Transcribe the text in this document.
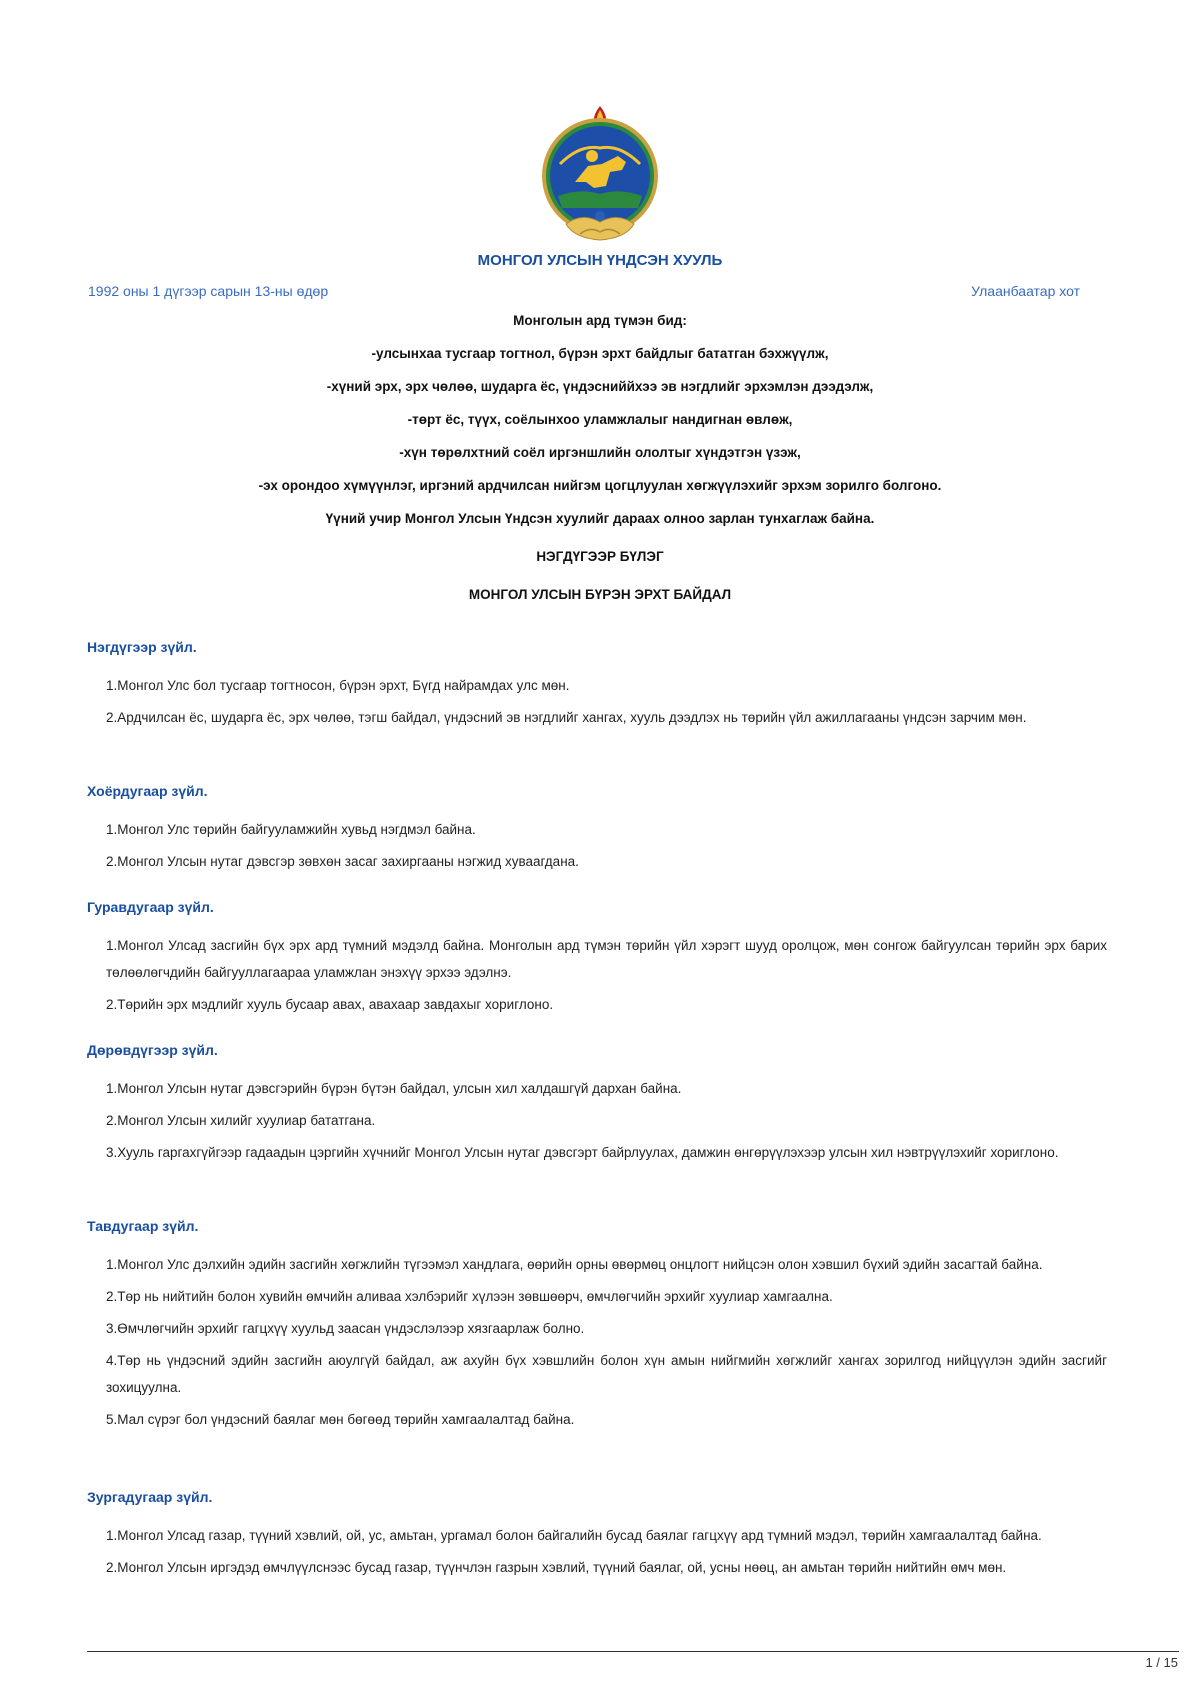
МОНГОЛ УЛСЫН ҮНДСЭН ХУУЛЬ
1992 оны 1 дүгээр сарын 13-ны өдөр	Улаанбаатар хот
Монголын ард түмэн бид:
-улсынхаа тусгаар тогтнол, бүрэн эрхт байдлыг бататган бэхжүүлж,
-хүний эрх, эрх чөлөө, шударга ёс, үндэсниййхээ эв нэгдлийг эрхэмлэн дээдэлж,
-төрт ёс, түүх, соёлынхоо уламжлалыг нандигнан өвлөж,
-хүн төрөлхтний соёл иргэншлийн ололтыг хүндэтгэн үзэж,
-эх орондоо хүмүүнлэг, иргэний ардчилсан нийгэм цогцлуулан хөгжүүлэхийг эрхэм зорилго болгоно.
Үүний учир Монгол Улсын Үндсэн хуулийг дараах олноо зарлан тунхаглаж байна.
НЭГДҮГЭЭР БҮЛЭГ
МОНГОЛ УЛСЫН БҮРЭН ЭРХТ БАЙДАЛ
Нэгдүгээр зүйл.
1.Монгол Улс бол тусгаар тогтносон, бүрэн эрхт, Бүгд найрамдах улс мөн.
2.Ардчилсан ёс, шударга ёс, эрх чөлөө, тэгш байдал, үндэсний эв нэгдлийг хангах, хууль дээдлэх нь төрийн үйл ажиллагааны үндсэн зарчим мөн.
Хоёрдугаар зүйл.
1.Монгол Улс төрийн байгууламжийн хувьд нэгдмэл байна.
2.Монгол Улсын нутаг дэвсгэр зөвхөн засаг захиргааны нэгжид хуваагдана.
Гуравдугаар зүйл.
1.Монгол Улсад засгийн бүх эрх ард түмний мэдэлд байна. Монголын ард түмэн төрийн үйл хэрэгт шууд оролцож, мөн сонгож байгуулсан төрийн эрх барих төлөөлөгчдийн байгууллагаараа уламжлан энэхүү эрхээ эдэлнэ.
2.Төрийн эрх мэдлийг хууль бусаар авах, авахаар завдахыг хориглоно.
Дөрөвдүгээр зүйл.
1.Монгол Улсын нутаг дэвсгэрийн бүрэн бүтэн байдал, улсын хил халдашгүй дархан байна.
2.Монгол Улсын хилийг хуулиар бататгана.
3.Хууль гаргахгүйгээр гадаадын цэргийн хүчнийг Монгол Улсын нутаг дэвсгэрт байрлуулах, дамжин өнгөрүүлэхээр улсын хил нэвтрүүлэхийг хориглоно.
Тавдугаар зүйл.
1.Монгол Улс дэлхийн эдийн засгийн хөгжлийн түгээмэл хандлага, өөрийн орны өвөрмөц онцлогт нийцсэн олон хэвшил бүхий эдийн засагтай байна.
2.Төр нь нийтийн болон хувийн өмчийн аливаа хэлбэрийг хүлээн зөвшөөрч, өмчлөгчийн эрхийг хуулиар хамгаална.
3.Өмчлөгчийн эрхийг гагцхүү хуульд заасан үндэслэлээр хязгаарлаж болно.
4.Төр нь үндэсний эдийн засгийн аюулгүй байдал, аж ахуйн бүх хэвшлийн болон хүн амын нийгмийн хөгжлийг хангах зорилгод нийцүүлэн эдийн засгийг зохицуулна.
5.Мал сүрэг бол үндэсний баялаг мөн бөгөөд төрийн хамгаалалтад байна.
Зургадугаар зүйл.
1.Монгол Улсад газар, түүний хэвлий, ой, ус, амьтан, ургамал болон байгалийн бусад баялаг гагцхүү ард түмний мэдэл, төрийн хамгаалалтад байна.
2.Монгол Улсын иргэдэд өмчлүүлснээс бусад газар, түүнчлэн газрын хэвлий, түүний баялаг, ой, усны нөөц, ан амьтан төрийн нийтийн өмч мөн.
1 / 15
